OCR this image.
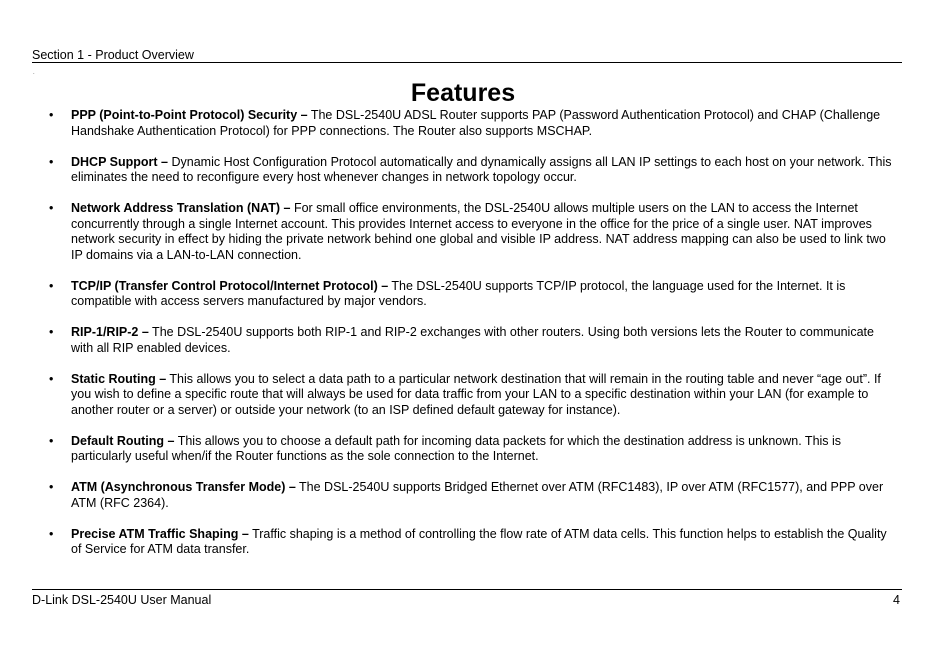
Section 1 - Product Overview
.
Features
• PPP (Point-to-Point Protocol) Security – The DSL-2540U ADSL Router supports PAP (Password Authentication Protocol) and CHAP (Challenge Handshake Authentication Protocol) for PPP connections. The Router also supports MSCHAP.
• DHCP Support – Dynamic Host Configuration Protocol automatically and dynamically assigns all LAN IP settings to each host on your network. This eliminates the need to reconfigure every host whenever changes in network topology occur.
• Network Address Translation (NAT) – For small office environments, the DSL-2540U allows multiple users on the LAN to access the Internet concurrently through a single Internet account. This provides Internet access to everyone in the office for the price of a single user. NAT improves network security in effect by hiding the private network behind one global and visible IP address. NAT address mapping can also be used to link two IP domains via a LAN-to-LAN connection.
• TCP/IP (Transfer Control Protocol/Internet Protocol) – The DSL-2540U supports TCP/IP protocol, the language used for the Internet. It is compatible with access servers manufactured by major vendors.
• RIP-1/RIP-2 – The DSL-2540U supports both RIP-1 and RIP-2 exchanges with other routers. Using both versions lets the Router to communicate with all RIP enabled devices.
• Static Routing – This allows you to select a data path to a particular network destination that will remain in the routing table and never “age out”. If you wish to define a specific route that will always be used for data traffic from your LAN to a specific destination within your LAN (for example to another router or a server) or outside your network (to an ISP defined default gateway for instance).
• Default Routing – This allows you to choose a default path for incoming data packets for which the destination address is unknown. This is particularly useful when/if the Router functions as the sole connection to the Internet.
• ATM (Asynchronous Transfer Mode) – The DSL-2540U supports Bridged Ethernet over ATM (RFC1483), IP over ATM (RFC1577), and PPP over ATM (RFC 2364).
• Precise ATM Traffic Shaping – Traffic shaping is a method of controlling the flow rate of ATM data cells. This function helps to establish the Quality of Service for ATM data transfer.
D-Link DSL-2540U User Manual	4
